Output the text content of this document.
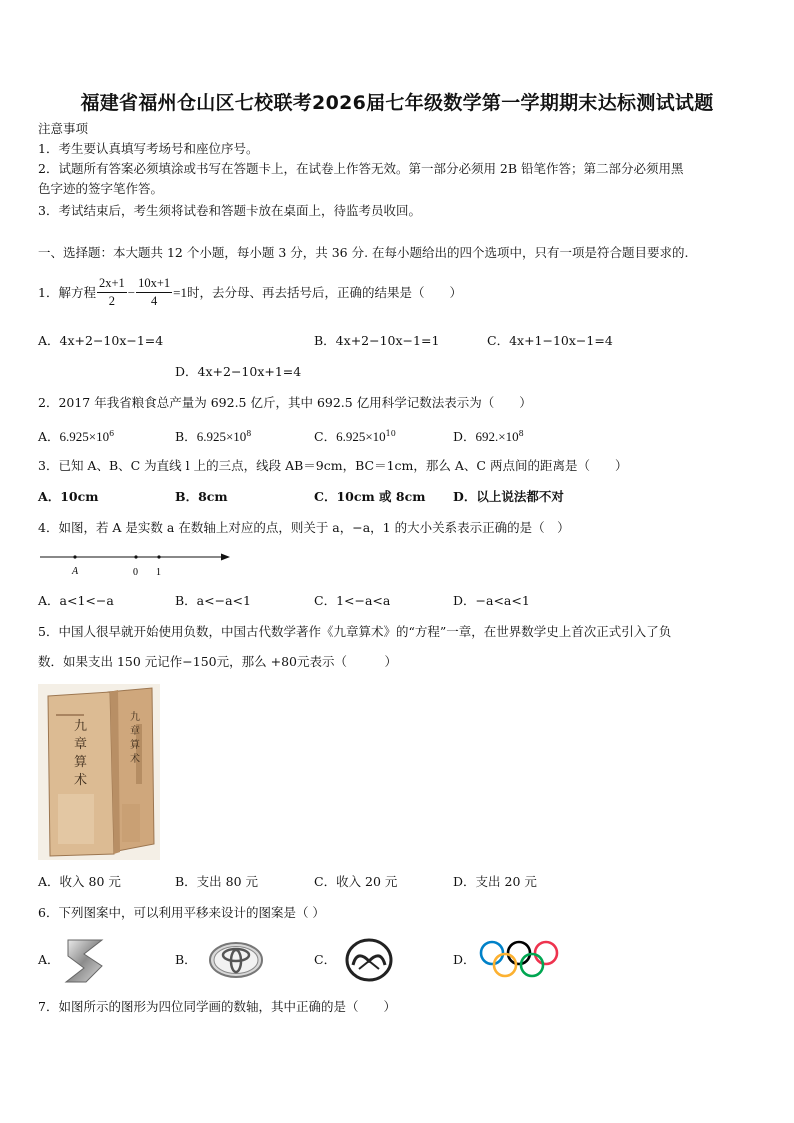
福建省福州仓山区七校联考2026届七年级数学第一学期期末达标测试试题
注意事项
1．考生要认真填写考场号和座位序号。
2．试题所有答案必须填涂或书写在答题卡上，在试卷上作答无效。第一部分必须用 2B 铅笔作答；第二部分必须用黑
色字迹的签字笔作答。
3．考试结束后，考生须将试卷和答题卡放在桌面上，待监考员收回。
一、选择题：本大题共 12 个小题，每小题 3 分，共 36 分. 在每小题给出的四个选项中，只有一项是符合题目要求的.
1．解方程 $\frac{2x+1}{2} - \frac{10x+1}{4} =1$ 时，去分母、再去括号后，正确的结果是（　　）
A．4x+2−10x−1=4	B．4x+2−10x−1=1	C．4x+1−10x−1=4
D．4x+2−10x+1=4
2．2017 年我省粮食总产量为 692.5 亿斤，其中 692.5 亿用科学记数法表示为（　　）
A．$6.925\times 10^6$	B．$6.925\times 10^8$	C．$6.925\times 10^{10}$	D．$692.\times 10^8$
3．已知 A、B、C 为直线 l 上的三点，线段 AB＝9cm，BC＝1cm，那么 A、C 两点间的距离是（　　）
A．10cm	B．8cm	C．10cm 或 8cm D．以上说法都不对
4．如图，若 A 是实数 a 在数轴上对应的点，则关于 a，−a，1 的大小关系表示正确的是（　）
A	0 1
A．a<1<−a	B．a<−a<1	C．1<−a<a	D．−a<a<1
5．中国人很早就开始使用负数，中国古代数学著作《九章算术》的“方程”一章，在世界数学史上首次正式引入了负
数．如果支出 150 元记作−150元，那么 +80元表示（　　　）
九
章
算
术
九
章
算
术
A．收入 80 元	B．支出 80 元	C．收入 20 元	D．支出 20 元
6．下列图案中，可以利用平移来设计的图案是（ ）
A．	B．	C．	D．
7．如图所示的图形为四位同学画的数轴，其中正确的是（　　）
